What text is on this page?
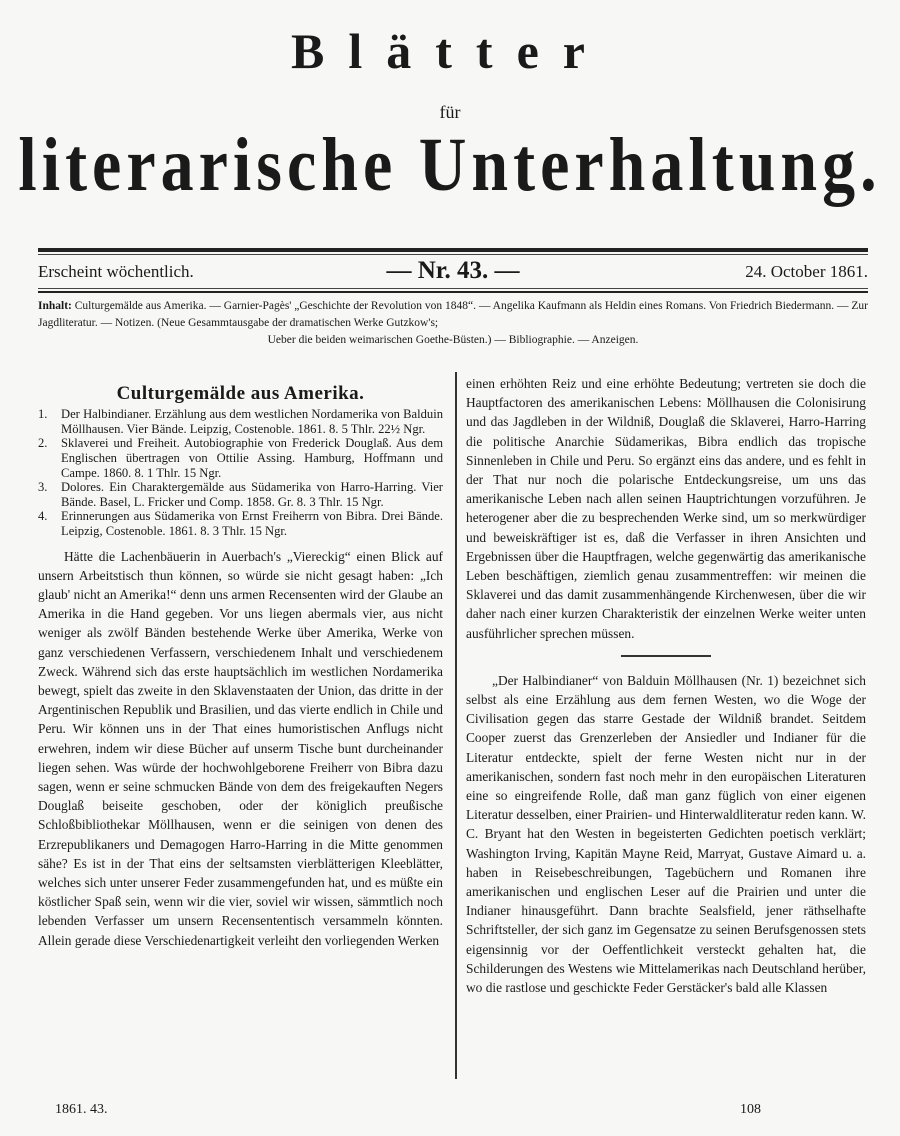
Blätter
für
literarische Unterhaltung.
Erscheint wöchentlich.	— Nr. 43. —	24. October 1861.
Inhalt: Culturgemälde aus Amerika. — Garnier-Pagès' „Geschichte der Revolution von 1848“. — Angelika Kaufmann als Heldin eines Romans. Von Friedrich Biedermann. — Zur Jagdliteratur. — Notizen. (Neue Gesammtausgabe der dramatischen Werke Gutzkow's;
Ueber die beiden weimarischen Goethe-Büsten.) — Bibliographie. — Anzeigen.
Culturgemälde aus Amerika.
1. Der Halbindianer. Erzählung aus dem westlichen Nordamerika von Balduin Möllhausen. Vier Bände. Leipzig, Costenoble. 1861. 8. 5 Thlr. 22½ Ngr.
2. Sklaverei und Freiheit. Autobiographie von Frederick Douglaß. Aus dem Englischen übertragen von Ottilie Assing. Hamburg, Hoffmann und Campe. 1860. 8. 1 Thlr. 15 Ngr.
3. Dolores. Ein Charaktergemälde aus Südamerika von Harro-Harring. Vier Bände. Basel, L. Fricker und Comp. 1858. Gr. 8. 3 Thlr. 15 Ngr.
4. Erinnerungen aus Südamerika von Ernst Freiherrn von Bibra. Drei Bände. Leipzig, Costenoble. 1861. 8. 3 Thlr. 15 Ngr.

Hätte die Lachenbäuerin in Auerbach's „Viereckig“ einen Blick auf unsern Arbeitstisch thun können, so würde sie nicht gesagt haben: „Ich glaub' nicht an Amerika!“ denn uns armen Recensenten wird der Glaube an Amerika in die Hand gegeben. Vor uns liegen abermals vier, aus nicht weniger als zwölf Bänden bestehende Werke über Amerika, Werke von ganz verschiedenen Verfassern, verschiedenem Inhalt und verschiedenem Zweck. Während sich das erste hauptsächlich im westlichen Nordamerika bewegt, spielt das zweite in den Sklavenstaaten der Union, das dritte in der Argentinischen Republik und Brasilien, und das vierte endlich in Chile und Peru. Wir können uns in der That eines humoristischen Anflugs nicht erwehren, indem wir diese Bücher auf unserm Tische bunt durcheinander liegen sehen. Was würde der hochwohlgeborene Freiherr von Bibra dazu sagen, wenn er seine schmucken Bände von dem des freigekauften Negers Douglaß beiseite geschoben, oder der königlich preußische Schloßbibliothekar Möllhausen, wenn er die seinigen von denen des Erzrepublikaners und Demagogen Harro-Harring in die Mitte genommen sähe? Es ist in der That eins der seltsamsten vierblätterigen Kleeblätter, welches sich unter unserer Feder zusammengefunden hat, und es müßte ein köstlicher Spaß sein, wenn wir die vier, soviel wir wissen, sämmtlich noch lebenden Verfasser um unsern Recensententisch versammeln könnten. Allein gerade diese Verschiedenartigkeit verleiht den vorliegenden Werken

einen erhöhten Reiz und eine erhöhte Bedeutung; vertreten sie doch die Hauptfactoren des amerikanischen Lebens: Möllhausen die Colonisirung und das Jagdleben in der Wildniß, Douglaß die Sklaverei, Harro-Harring die politische Anarchie Südamerikas, Bibra endlich das tropische Sinnenleben in Chile und Peru. So ergänzt eins das andere, und es fehlt in der That nur noch die polarische Entdeckungsreise, um uns das amerikanische Leben nach allen seinen Hauptrichtungen vorzuführen. Je heterogener aber die zu besprechenden Werke sind, um so merkwürdiger und beweiskräftiger ist es, daß die Verfasser in ihren Ansichten und Ergebnissen über die Hauptfragen, welche gegenwärtig das amerikanische Leben beschäftigen, ziemlich genau zusammentreffen: wir meinen die Sklaverei und das damit zusammenhängende Kirchenwesen, über die wir daher nach einer kurzen Charakteristik der einzelnen Werke weiter unten ausführlicher sprechen müssen.

„Der Halbindianer“ von Balduin Möllhausen (Nr. 1) bezeichnet sich selbst als eine Erzählung aus dem fernen Westen, wo die Woge der Civilisation gegen das starre Gestade der Wildniß brandet. Seitdem Cooper zuerst das Grenzerleben der Ansiedler und Indianer für die Literatur entdeckte, spielt der ferne Westen nicht nur in der amerikanischen, sondern fast noch mehr in den europäischen Literaturen eine so eingreifende Rolle, daß man ganz füglich von einer eigenen Literatur desselben, einer Prairien- und Hinterwaldliteratur reden kann. W. C. Bryant hat den Westen in begeisterten Gedichten poetisch verklärt; Washington Irving, Kapitän Mayne Reid, Marryat, Gustave Aimard u. a. haben in Reisebeschreibungen, Tagebüchern und Romanen ihre amerikanischen und englischen Leser auf die Prairien und unter die Indianer hinausgeführt. Dann brachte Sealsfield, jener räthselhafte Schriftsteller, der sich ganz im Gegensatze zu seinen Berufsgenossen stets eigensinnig vor der Oeffentlichkeit versteckt gehalten hat, die Schilderungen des Westens wie Mittelamerikas nach Deutschland herüber, wo die rastlose und geschickte Feder Gerstäcker's bald alle Klassen

1861. 43.	108
